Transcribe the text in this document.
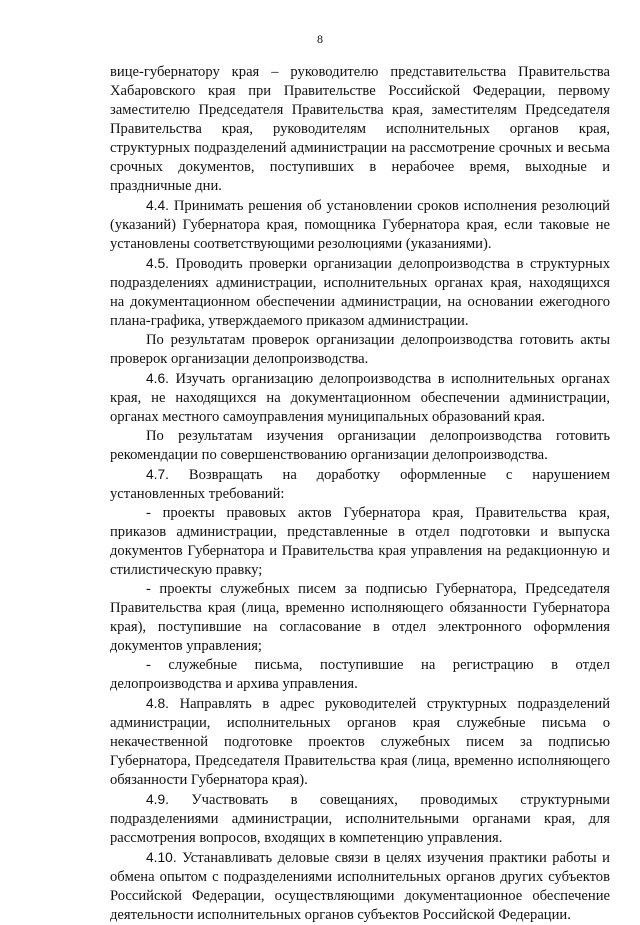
8

вице-губернатору края – руководителю представительства Правительства Хабаровского края при Правительстве Российской Федерации, первому заместителю Председателя Правительства края, заместителям Председателя Правительства края, руководителям исполнительных органов края, структурных подразделений администрации на рассмотрение срочных и весьма срочных документов, поступивших в нерабочее время, выходные и праздничные дни.

4.4. Принимать решения об установлении сроков исполнения резолюций (указаний) Губернатора края, помощника Губернатора края, если таковые не установлены соответствующими резолюциями (указаниями).

4.5. Проводить проверки организации делопроизводства в структурных подразделениях администрации, исполнительных органах края, находящихся на документационном обеспечении администрации, на основании ежегодного плана-графика, утверждаемого приказом администрации.

По результатам проверок организации делопроизводства готовить акты проверок организации делопроизводства.

4.6. Изучать организацию делопроизводства в исполнительных органах края, не находящихся на документационном обеспечении администрации, органах местного самоуправления муниципальных образований края.

По результатам изучения организации делопроизводства готовить рекомендации по совершенствованию организации делопроизводства.

4.7. Возвращать на доработку оформленные с нарушением установленных требований:

- проекты правовых актов Губернатора края, Правительства края, приказов администрации, представленные в отдел подготовки и выпуска документов Губернатора и Правительства края управления на редакционную и стилистическую правку;

- проекты служебных писем за подписью Губернатора, Председателя Правительства края (лица, временно исполняющего обязанности Губернатора края), поступившие на согласование в отдел электронного оформления документов управления;

- служебные письма, поступившие на регистрацию в отдел делопроизводства и архива управления.

4.8. Направлять в адрес руководителей структурных подразделений администрации, исполнительных органов края служебные письма о некачественной подготовке проектов служебных писем за подписью Губернатора, Председателя Правительства края (лица, временно исполняющего обязанности Губернатора края).

4.9. Участвовать в совещаниях, проводимых структурными подразделениями администрации, исполнительными органами края, для рассмотрения вопросов, входящих в компетенцию управления.

4.10. Устанавливать деловые связи в целях изучения практики работы и обмена опытом с подразделениями исполнительных органов других субъектов Российской Федерации, осуществляющими документационное обеспечение деятельности исполнительных органов субъектов Российской Федерации.
